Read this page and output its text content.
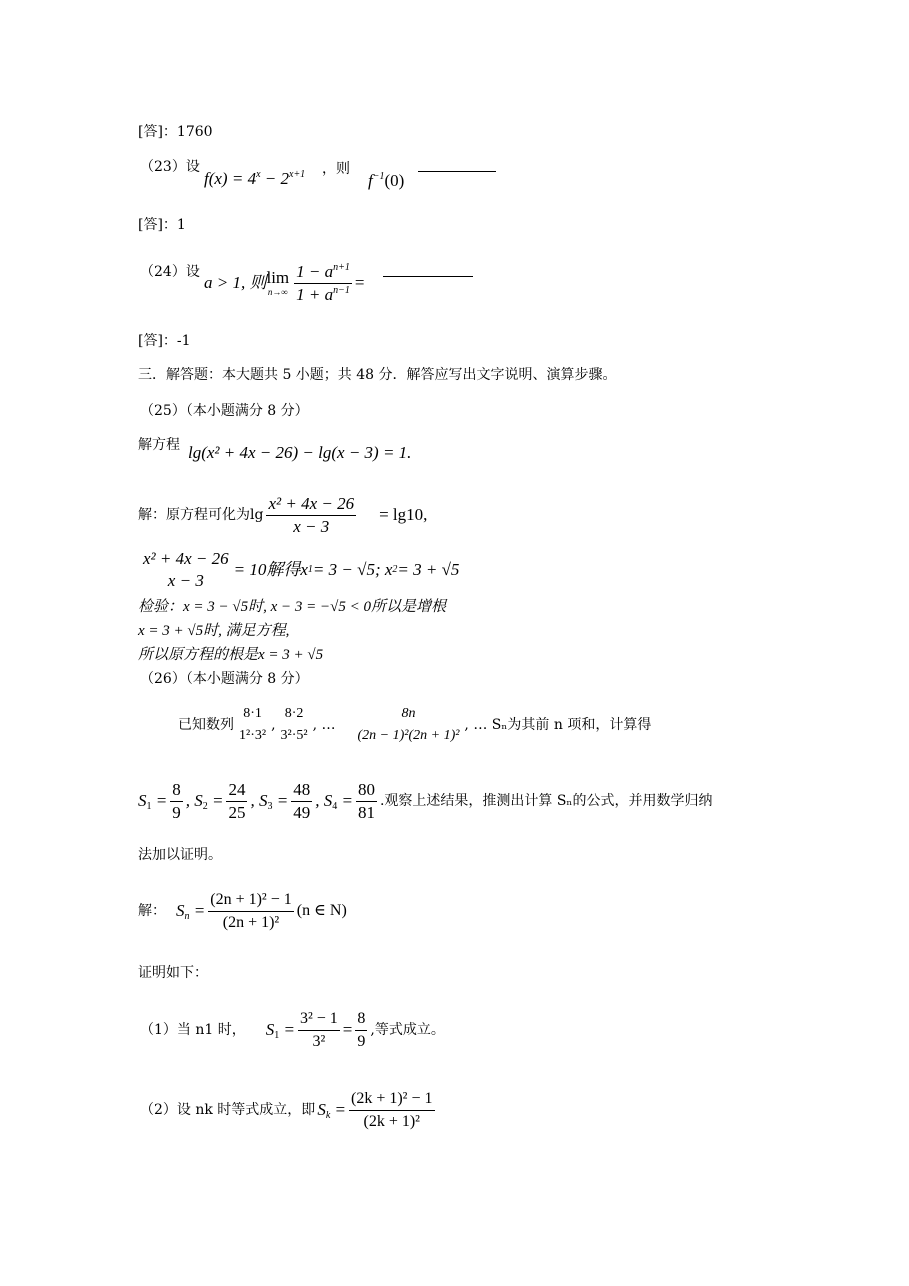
[答]：1760
（23）设
$f(x) = 4^x - 2^{x+1}$ ，则
$f^{-1}(0)$
[答]：1
（24）设
a > 1, 则 lim
$n\to\infty \frac{1 - a^{n+1}}{1 + a^{n-1}}$ =
[答]：-1
三．解答题：本大题共 5 小题；共 48 分．解答应写出文字说明、演算步骤。
（25）（本小题满分 8 分）
解方程 lg(x² + 4x − 26) − lg(x − 3) = 1.
解：原方程可化为$\lg \frac{\text{x² + 4x − 26}}{x - 3} = \lg 10$,
x² + 4x − 26
x − 3
= 10解得x 1 = 3 − √5; x 2 = 3 + √5
检验：x = 3 − √5时, x − 3 = −√5 < 0所以是增根
x = 3 + √5时, 满足方程,
所以原方程的根是x = 3 + √5
（26）（本小题满分 8 分）
已知数列
8·1
1²·3²
,
8·2
3²·5²
, …
8n
(2n − 1)²(2n + 1)²
, … Sₙ为其前 n 项和，计算得
$S_1 = \frac{8}{9}$ , $S_2 = \frac{24}{25}$ , $S_3 = \frac{48}{49}$ , $S_4 = \frac{80}{81}$ .观察上述结果，推测出计算 Sₙ的公式，并用数学归纳
法加以证明。
解： $S_n = \frac{\text{(2n + 1)² − 1}}{\text{(2n + 1)²}} (n$ ∈ N)
证明如下：
（1）当 n1 时， $S_1 = \frac{\text{3² − 1}}{\text{3²}} = \frac{8}{9}$ , 等式成立。
（2）设 nk 时等式成立，即 $S_k = \frac{\text{(2k + 1)² − 1}}{\text{(2k + 1)²}}$
